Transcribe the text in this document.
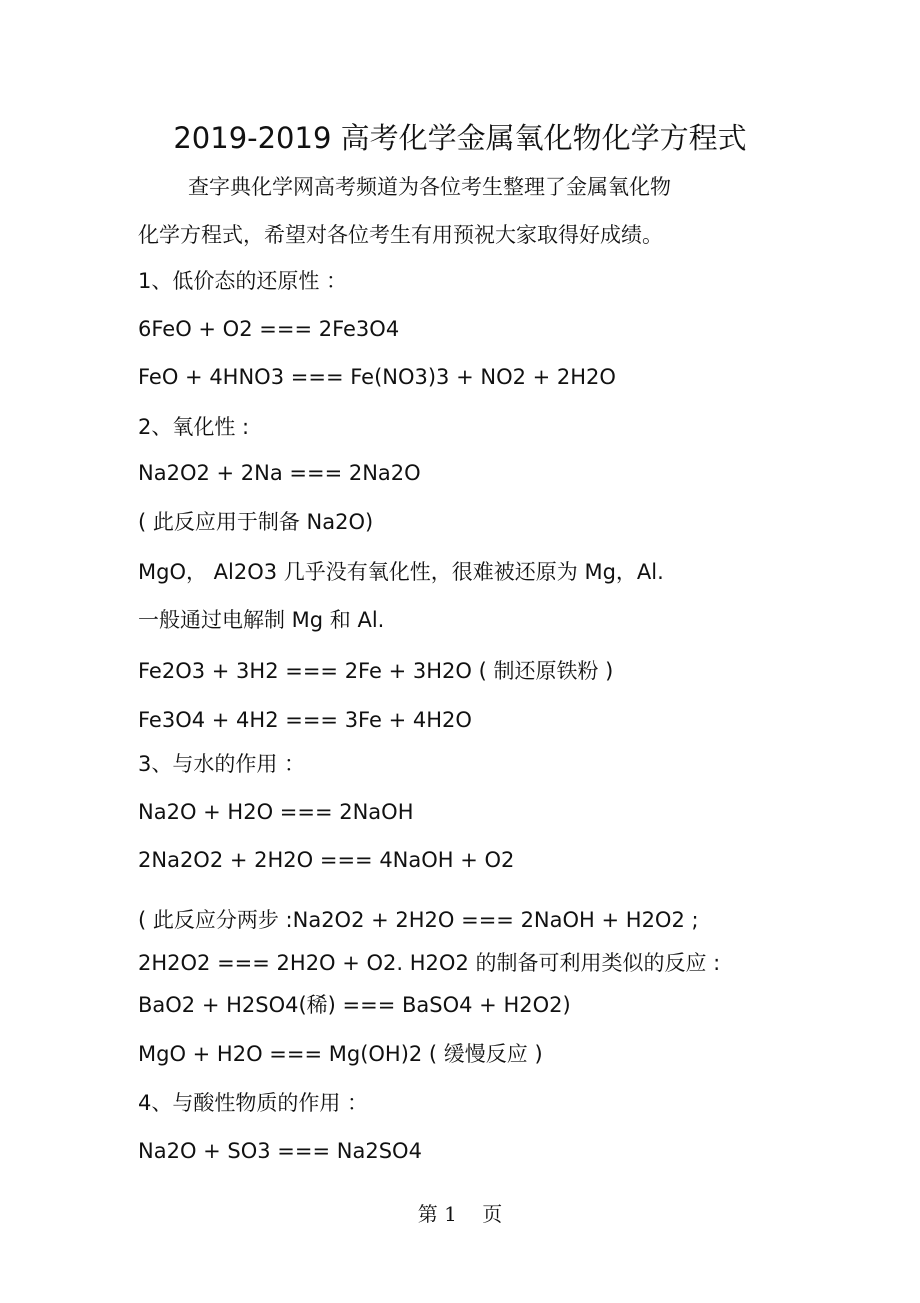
2019-2019 高考化学金属氧化物化学方程式
查字典化学网高考频道为各位考生整理了金属氧化物
化学方程式，希望对各位考生有用预祝大家取得好成绩。
1、低价态的还原性 ：
6FeO + O2 === 2Fe3O4
FeO + 4HNO3 === Fe(NO3)3 + NO2 + 2H2O
2、氧化性 :
Na2O2 + 2Na === 2Na2O
( 此反应用于制备 Na2O)
MgO， Al2O3 几乎没有氧化性，很难被还原为 Mg，Al.
一般通过电解制 Mg 和 Al.
Fe2O3 + 3H2 === 2Fe + 3H2O ( 制还原铁粉 )
Fe3O4 + 4H2 === 3Fe + 4H2O
3、与水的作用 ：
Na2O + H2O === 2NaOH
2Na2O2 + 2H2O === 4NaOH + O2
( 此反应分两步 :Na2O2 + 2H2O === 2NaOH + H2O2 ;
2H2O2 === 2H2O + O2. H2O2 的制备可利用类似的反应 :
BaO2 + H2SO4(稀) === BaSO4 + H2O2)
MgO + H2O === Mg(OH)2 ( 缓慢反应 )
4、与酸性物质的作用 ：
Na2O + SO3 === Na2SO4
第 1    页
